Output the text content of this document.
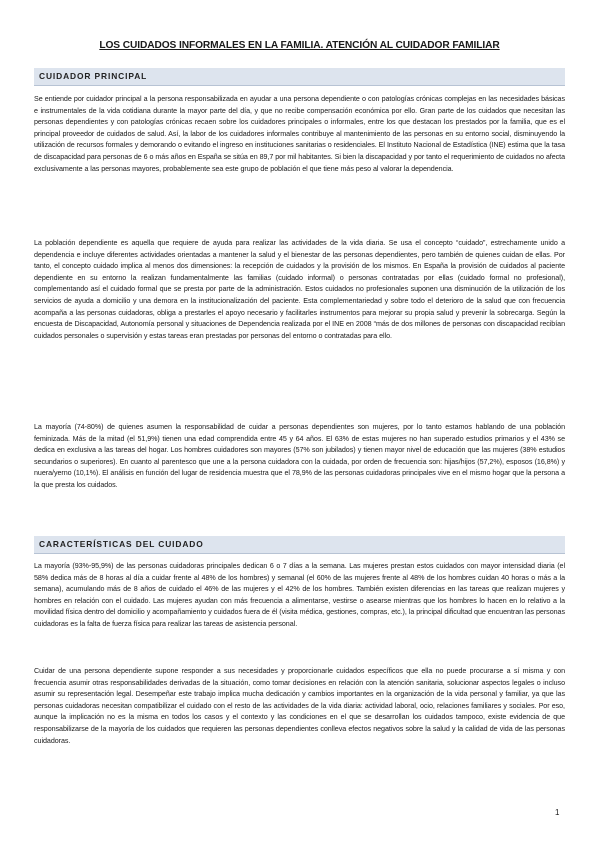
LOS CUIDADOS INFORMALES EN LA FAMILIA. ATENCIÓN AL CUIDADOR FAMILIAR
CUIDADOR PRINCIPAL

Se entiende por cuidador principal a la persona responsabilizada en ayudar a una persona dependiente o con patologías crónicas complejas en las necesidades básicas e instrumentales de la vida cotidiana durante la mayor parte del día, y que no recibe compensación económica por ello. Gran parte de los cuidados que necesitan las personas dependientes y con patologías crónicas recaen sobre los cuidadores principales o informales, entre los que destacan los prestados por la familia, que es el principal proveedor de cuidados de salud. Así, la labor de los cuidadores informales contribuye al mantenimiento de las personas en su entorno social, disminuyendo la utilización de recursos formales y demorando o evitando el ingreso en instituciones sanitarias o residenciales. El Instituto Nacional de Estadística (INE) estima que la tasa de discapacidad para personas de 6 o más años en España se sitúa en 89,7 por mil habitantes. Si bien la discapacidad y por tanto el requerimiento de cuidados no afecta exclusivamente a las personas mayores, probablemente sea este grupo de población el que tiene más peso al valorar la dependencia.

La población dependiente es aquella que requiere de ayuda para realizar las actividades de la vida diaria. Se usa el concepto “cuidado”, estrechamente unido a dependencia e incluye diferentes actividades orientadas a mantener la salud y el bienestar de las personas dependientes, pero también de quienes cuidan de ellas. Por tanto, el concepto cuidado implica al menos dos dimensiones: la recepción de cuidados y la provisión de los mismos. En España la provisión de cuidados al paciente dependiente en su entorno la realizan fundamentalmente las familias (cuidado informal) o personas contratadas por ellas (cuidado formal no profesional), complementando así el cuidado formal que se presta por parte de la administración. Estos cuidados no profesionales suponen una disminución de la utilización de los servicios de ayuda a domicilio y una demora en la institucionalización del paciente. Esta complementariedad y sobre todo el deterioro de la salud que con frecuencia acompaña a las personas cuidadoras, obliga a prestarles el apoyo necesario y facilitarles instrumentos para mejorar su propia salud y prevenir la sobrecarga. Según la encuesta de Discapacidad, Autonomía personal y situaciones de Dependencia realizada por el INE en 2008 “más de dos millones de personas con discapacidad recibían cuidados personales o supervisión y estas tareas eran prestadas por personas del entorno o contratadas para ello.

La mayoría (74-80%) de quienes asumen la responsabilidad de cuidar a personas dependientes son mujeres, por lo tanto estamos hablando de una población feminizada. Más de la mitad (el 51,9%) tienen una edad comprendida entre 45 y 64 años. El 63% de estas mujeres no han superado estudios primarios y el 43% se dedica en exclusiva a las tareas del hogar. Los hombres cuidadores son mayores (57% son jubilados) y tienen mayor nivel de educación que las mujeres (38% estudios secundarios o superiores). En cuanto al parentesco que une a la persona cuidadora con la cuidada, por orden de frecuencia son: hijas/hijos (57,2%), esposos (16,8%) y nuera/yerno (10,1%). El análisis en función del lugar de residencia muestra que el 78,9% de las personas cuidadoras principales vive en el mismo hogar que la persona a la que presta los cuidados.

CARACTERÍSTICAS DEL CUIDADO

La mayoría (93%-95,9%) de las personas cuidadoras principales dedican 6 o 7 días a la semana. Las mujeres prestan estos cuidados con mayor intensidad diaria (el 58% dedica más de 8 horas al día a cuidar frente al 48% de los hombres) y semanal (el 60% de las mujeres frente al 48% de los hombres cuidan 40 horas o más a la semana), acumulando más de 8 años de cuidado el 46% de las mujeres y el 42% de los hombres. También existen diferencias en las tareas que realizan mujeres y hombres en relación con el cuidado. Las mujeres ayudan con más frecuencia a alimentarse, vestirse o asearse mientras que los hombres lo hacen en lo relativo a la movilidad física dentro del domicilio y acompañamiento y cuidados fuera de él (visita médica, gestiones, compras, etc.), la principal dificultad que encuentran las personas cuidadoras es la falta de fuerza física para realizar las tareas de asistencia personal.

Cuidar de una persona dependiente supone responder a sus necesidades y proporcionarle cuidados específicos que ella no puede procurarse a sí misma y con frecuencia asumir otras responsabilidades derivadas de la situación, como tomar decisiones en relación con la atención sanitaria, solucionar aspectos legales o incluso asumir su representación legal. Desempeñar este trabajo implica mucha dedicación y cambios importantes en la organización de la vida personal y familiar, ya que las personas cuidadoras necesitan compatibilizar el cuidado con el resto de las actividades de la vida diaria: actividad laboral, ocio, relaciones familiares y sociales. Por eso, aunque la implicación no es la misma en todos los casos y el contexto y las condiciones en el que se desarrollan los cuidados tampoco, existe evidencia de que responsabilizarse de la mayoría de los cuidados que requieren las personas dependientes conlleva efectos negativos sobre la salud y la calidad de vida de las personas cuidadoras.

1
